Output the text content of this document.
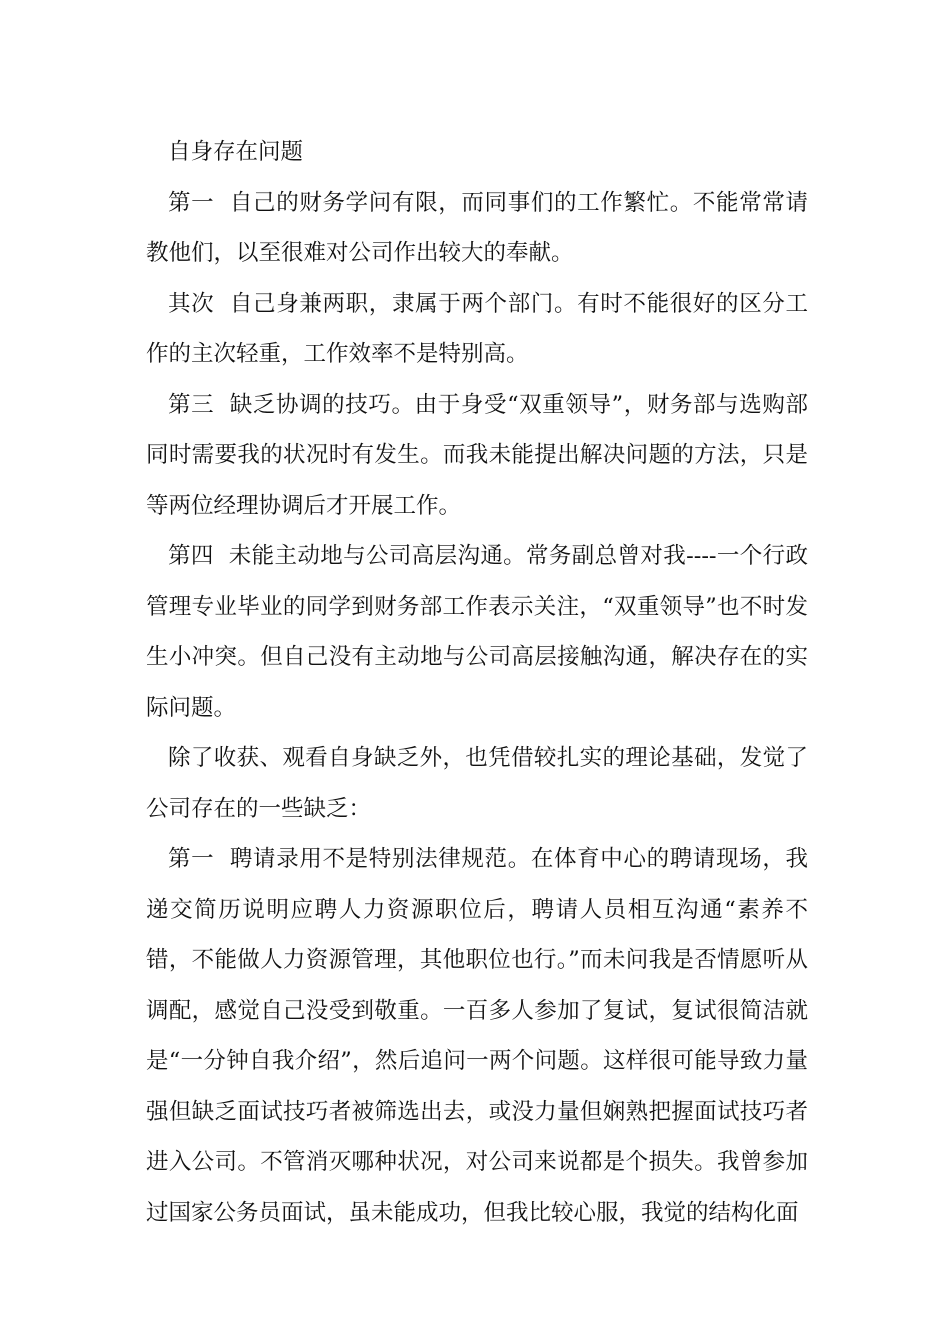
自身存在问题

第一  自己的财务学问有限，而同事们的工作繁忙。不能常常请教他们，以至很难对公司作出较大的奉献。

其次  自己身兼两职，隶属于两个部门。有时不能很好的区分工作的主次轻重，工作效率不是特别高。

第三  缺乏协调的技巧。由于身受“双重领导”，财务部与选购部同时需要我的状况时有发生。而我未能提出解决问题的方法，只是等两位经理协调后才开展工作。

第四  未能主动地与公司高层沟通。常务副总曾对我----一个行政管理专业毕业的同学到财务部工作表示关注，“双重领导”也不时发生小冲突。但自己没有主动地与公司高层接触沟通，解决存在的实际问题。

除了收获、观看自身缺乏外，也凭借较扎实的理论基础，发觉了公司存在的一些缺乏：

第一  聘请录用不是特别法律规范。在体育中心的聘请现场，我递交简历说明应聘人力资源职位后，聘请人员相互沟通“素养不错，不能做人力资源管理，其他职位也行。”而未问我是否情愿听从调配，感觉自己没受到敬重。一百多人参加了复试，复试很简洁就是“一分钟自我介绍”，然后追问一两个问题。这样很可能导致力量强但缺乏面试技巧者被筛选出去，或没力量但娴熟把握面试技巧者进入公司。不管消灭哪种状况，对公司来说都是个损失。我曾参加过国家公务员面试，虽未能成功，但我比较心服，我觉的结构化面
